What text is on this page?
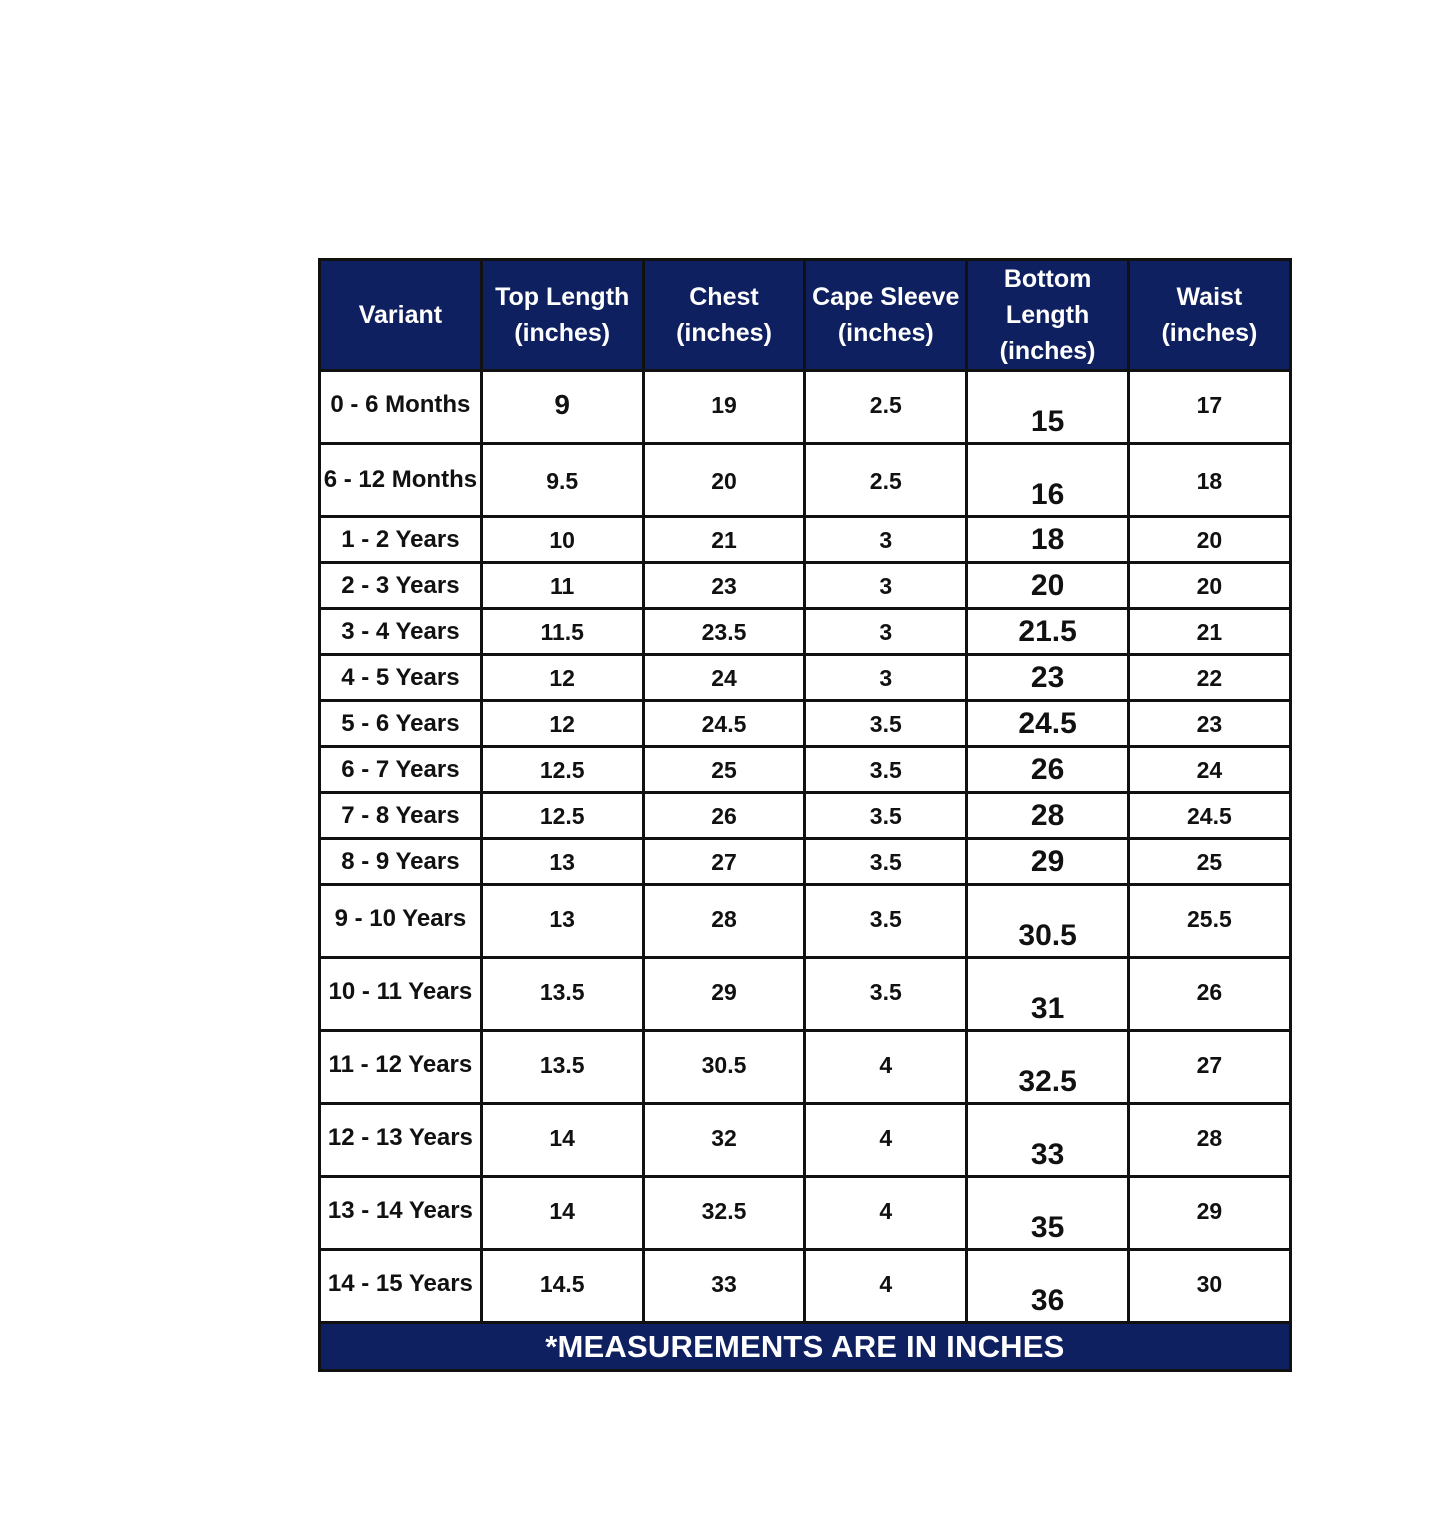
Variant	Top Length (inches)	Chest (inches)	Cape Sleeve (inches)	Bottom Length (inches)	Waist (inches)
0 - 6 Months	9	19	2.5	15	17
6 - 12 Months	9.5	20	2.5	16	18
1 - 2 Years	10	21	3	18	20
2 - 3 Years	11	23	3	20	20
3 - 4 Years	11.5	23.5	3	21.5	21
4 - 5 Years	12	24	3	23	22
5 - 6 Years	12	24.5	3.5	24.5	23
6 - 7 Years	12.5	25	3.5	26	24
7 - 8 Years	12.5	26	3.5	28	24.5
8 - 9 Years	13	27	3.5	29	25
9 - 10 Years	13	28	3.5	30.5	25.5
10 - 11 Years	13.5	29	3.5	31	26
11 - 12 Years	13.5	30.5	4	32.5	27
12 - 13 Years	14	32	4	33	28
13 - 14 Years	14	32.5	4	35	29
14 - 15 Years	14.5	33	4	36	30
*MEASUREMENTS ARE IN INCHES					
